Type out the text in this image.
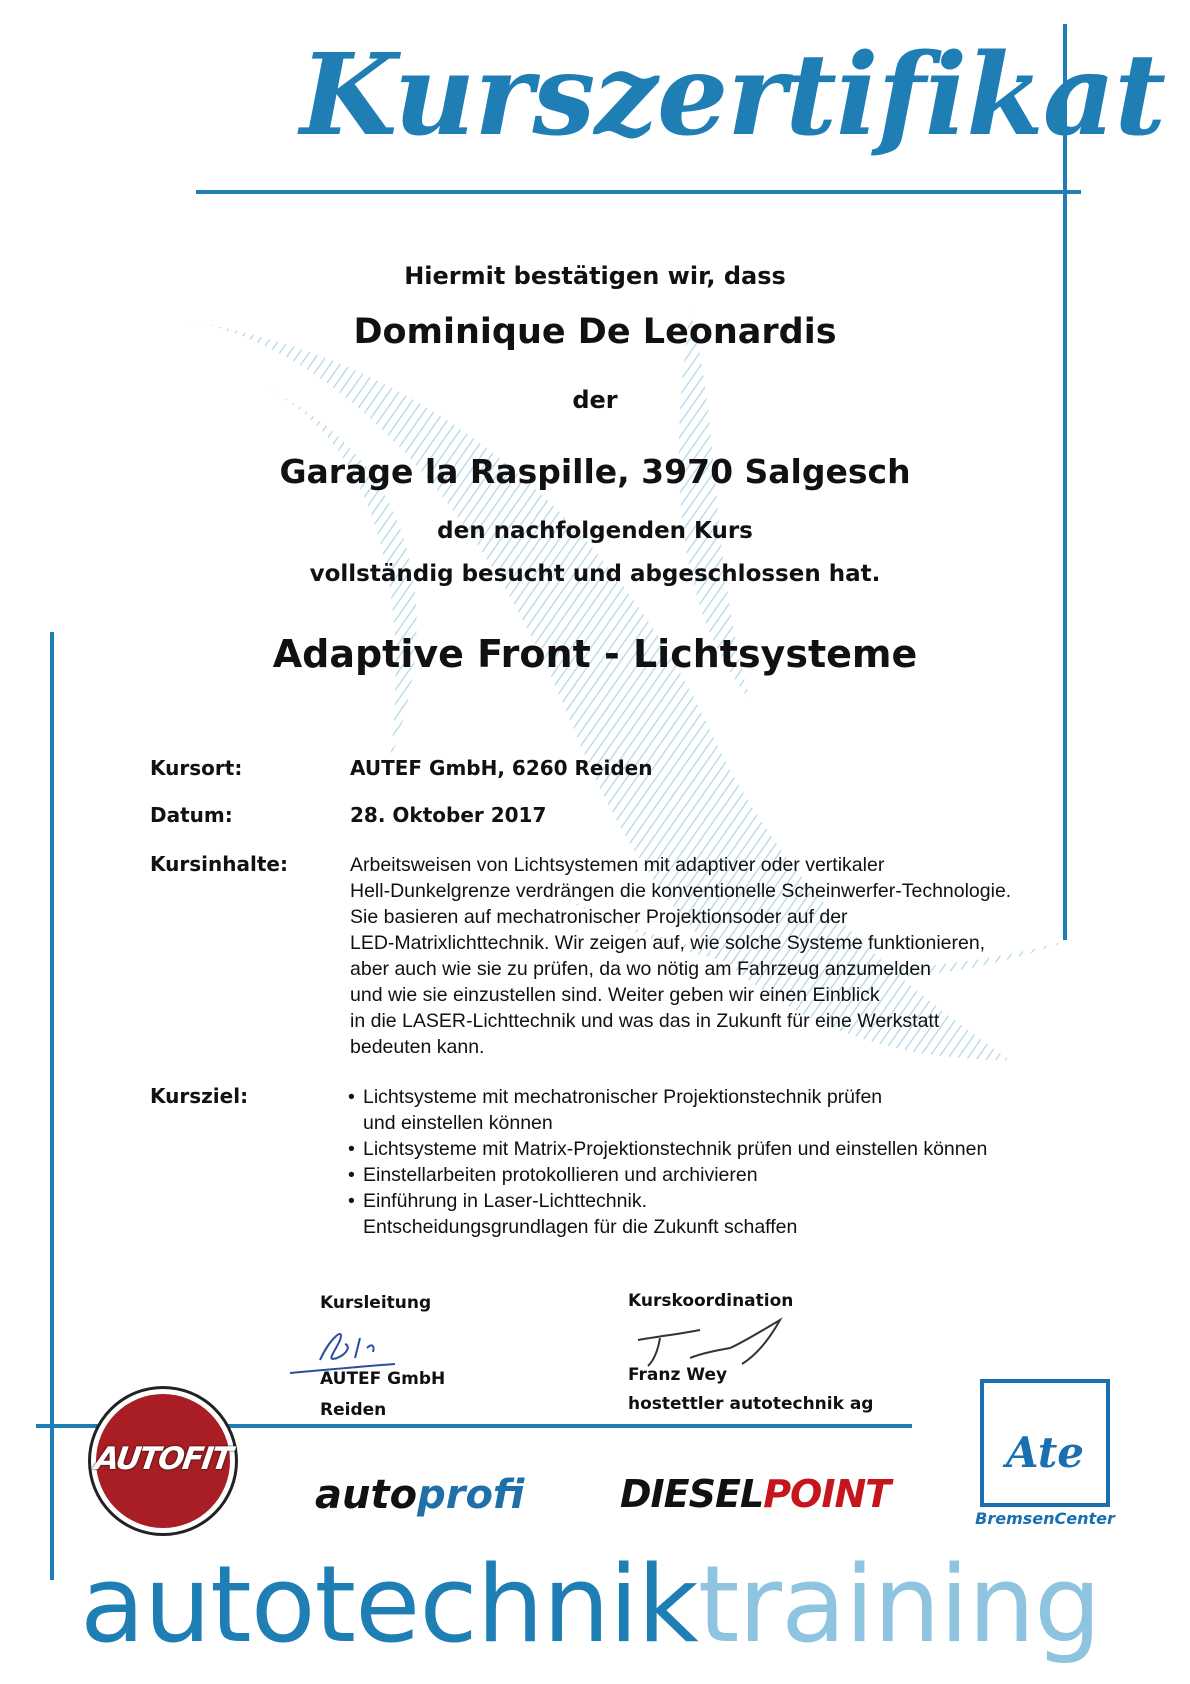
Kurszertifikat
Hiermit bestätigen wir, dass
Dominique De Leonardis
der
Garage la Raspille, 3970 Salgesch
den nachfolgenden Kurs
vollständig besucht und abgeschlossen hat.
Adaptive Front - Lichtsysteme
Kursort:	AUTEF GmbH, 6260 Reiden
Datum:	28. Oktober 2017
Kursinhalte:	Arbeitsweisen von Lichtsystemen mit adaptiver oder vertikaler
Hell-Dunkelgrenze verdrängen die konventionelle Scheinwerfer-Technologie.
Sie basieren auf mechatronischer Projektionsoder auf der
LED-Matrixlichttechnik. Wir zeigen auf, wie solche Systeme funktionieren,
aber auch wie sie zu prüfen, da wo nötig am Fahrzeug anzumelden
und wie sie einzustellen sind. Weiter geben wir einen Einblick
in die LASER-Lichttechnik und was das in Zukunft für eine Werkstatt
bedeuten kann.
Kursziel:	• Lichtsysteme mit mechatronischer Projektionstechnik prüfen
und einstellen können
• Lichtsysteme mit Matrix-Projektionstechnik prüfen und einstellen können
• Einstellarbeiten protokollieren und archivieren
• Einführung in Laser-Lichttechnik.
Entscheidungsgrundlagen für die Zukunft schaffen
Kursleitung
AUTEF GmbH
Reiden
Kurskoordination
Franz Wey
hostettler autotechnik ag
AUTOFIT
autoprofi	DIESELPOINT
Ate
BremsenCenter
autotechniktraining
